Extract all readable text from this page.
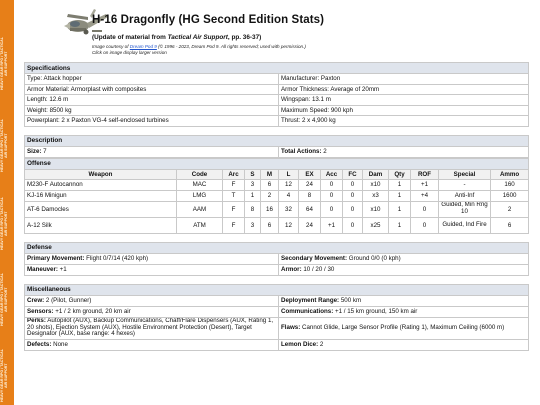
HEAVY GEAR RPG / TACTICAL AIR SUPPORT
HEAVY GEAR RPG / TACTICAL AIR SUPPORT
HEAVY GEAR RPG / TACTICAL AIR SUPPORT
HEAVY GEAR RPG / TACTICAL AIR SUPPORT
HEAVY GEAR RPG / TACTICAL AIR SUPPORT
H-16 Dragonfly (HG Second Edition Stats)
(Update of material from Tactical Air Support, pp. 36-37)
Image courtesy of Dream Pod 9 (© 1996 - 2023, Dream Pod 9. All rights reserved; used with permission.)
Click on image display larger version
Specifications	
Type: Attack hopper	Manufacturer: Paxton
Armor Material: Armorplast with composites	Armor Thickness: Average of 20mm
Length: 12.6 m	Wingspan: 13.1 m
Weight: 8500 kg	Maximum Speed: 900 kph
Powerplant: 2 x Paxton VG-4 self-enclosed turbines	Thrust: 2 x 4,900 kg
Description
Size: 7	Total Actions: 2
Offense													
Weapon	Code	Arc	S	M	L	EX	Acc	FC	Dam	Qty	ROF	Special	Ammo
M230-F Autocannon	MAC	F	3	6	12	24	0	0	x10	1	+1	-	160
KJ-16 Minigun	LMG	T	1	2	4	8	0	0	x3	1	+4	Anti-Inf	1600
AT-6 Damocles	AAM	F	8	16	32	64	0	0	x10	1	0	Guided, Min Rng 10	2
A-12 Silk	ATM	F	3	6	12	24	+1	0	x25	1	0	Guided, Ind Fire	6
Defense	
Primary Movement: Flight 0/7/14 (420 kph)	Secondary Movement: Ground 0/0 (0 kph)
Maneuver: +1	Armor: 10 / 20 / 30
Miscellaneous	
Crew: 2 (Pilot, Gunner)	Deployment Range: 500 km
Sensors: +1 / 2 km ground, 20 km air	Communications: +1 / 15 km ground, 150 km air
Perks: Autopilot (AUX), Backup Communications, Chaff/Flare Dispensers (AUX, Rating 1, 20 shots), Ejection System (AUX), Hostile Environment Protection (Desert), Target Designator (AUX, base range: 4 hexes)	Flaws: Cannot Glide, Large Sensor Profile (Rating 1), Maximum Ceiling (6000 m)
Defects: None	Lemon Dice: 2
